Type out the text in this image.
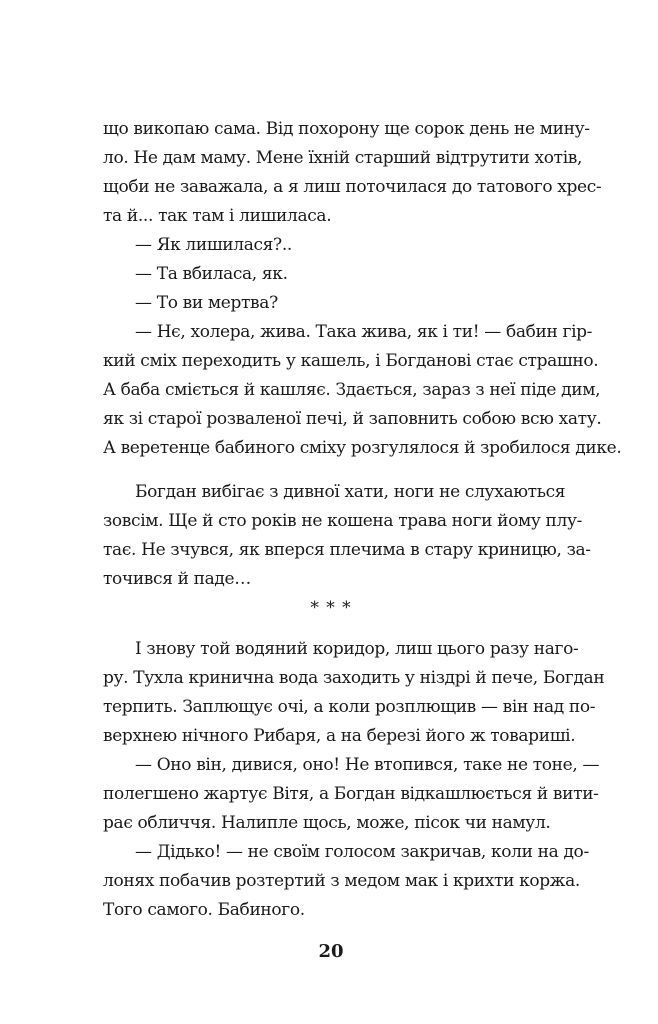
що викопаю сама. Від похорону ще сорок день не мину-
ло. Не дам маму. Мене їхній старший відтрутити хотів,
щоби не заважала, а я лиш поточилася до татового хрес-
та й... так там і лишиласа.
— Як лишилася?..
— Та вбиласа, як.
— То ви мертва?
— Нє, холера, жива. Така жива, як і ти! — бабин гір-
кий сміх переходить у кашель, і Богданові стає страшно.
А баба сміється й кашляє. Здається, зараз з неї піде дим,
як зі старої розваленої печі, й заповнить собою всю хату.
А веретенце бабиного сміху розгулялося й зробилося дике.
Богдан вибігає з дивної хати, ноги не слухаються
зовсім. Ще й сто років не кошена трава ноги йому плу-
тає. Не зчувся, як вперся плечима в стару криницю, за-
точився й паде…
* * *
І знову той водяний коридор, лиш цього разу наго-
ру. Тухла кринична вода заходить у ніздрі й пече, Богдан
терпить. Заплющує очі, а коли розплющив — він над по-
верхнею нічного Рибаря, а на березі його ж товариші.
— Оно він, дивися, оно! Не втопився, таке не тоне, —
полегшено жартує Вітя, а Богдан відкашлюється й вити-
рає обличчя. Налипле щось, може, пісок чи намул.
— Дідько! — не своїм голосом закричав, коли на до-
лонях побачив розтертий з медом мак і крихти коржа.
Того самого. Бабиного.
20
